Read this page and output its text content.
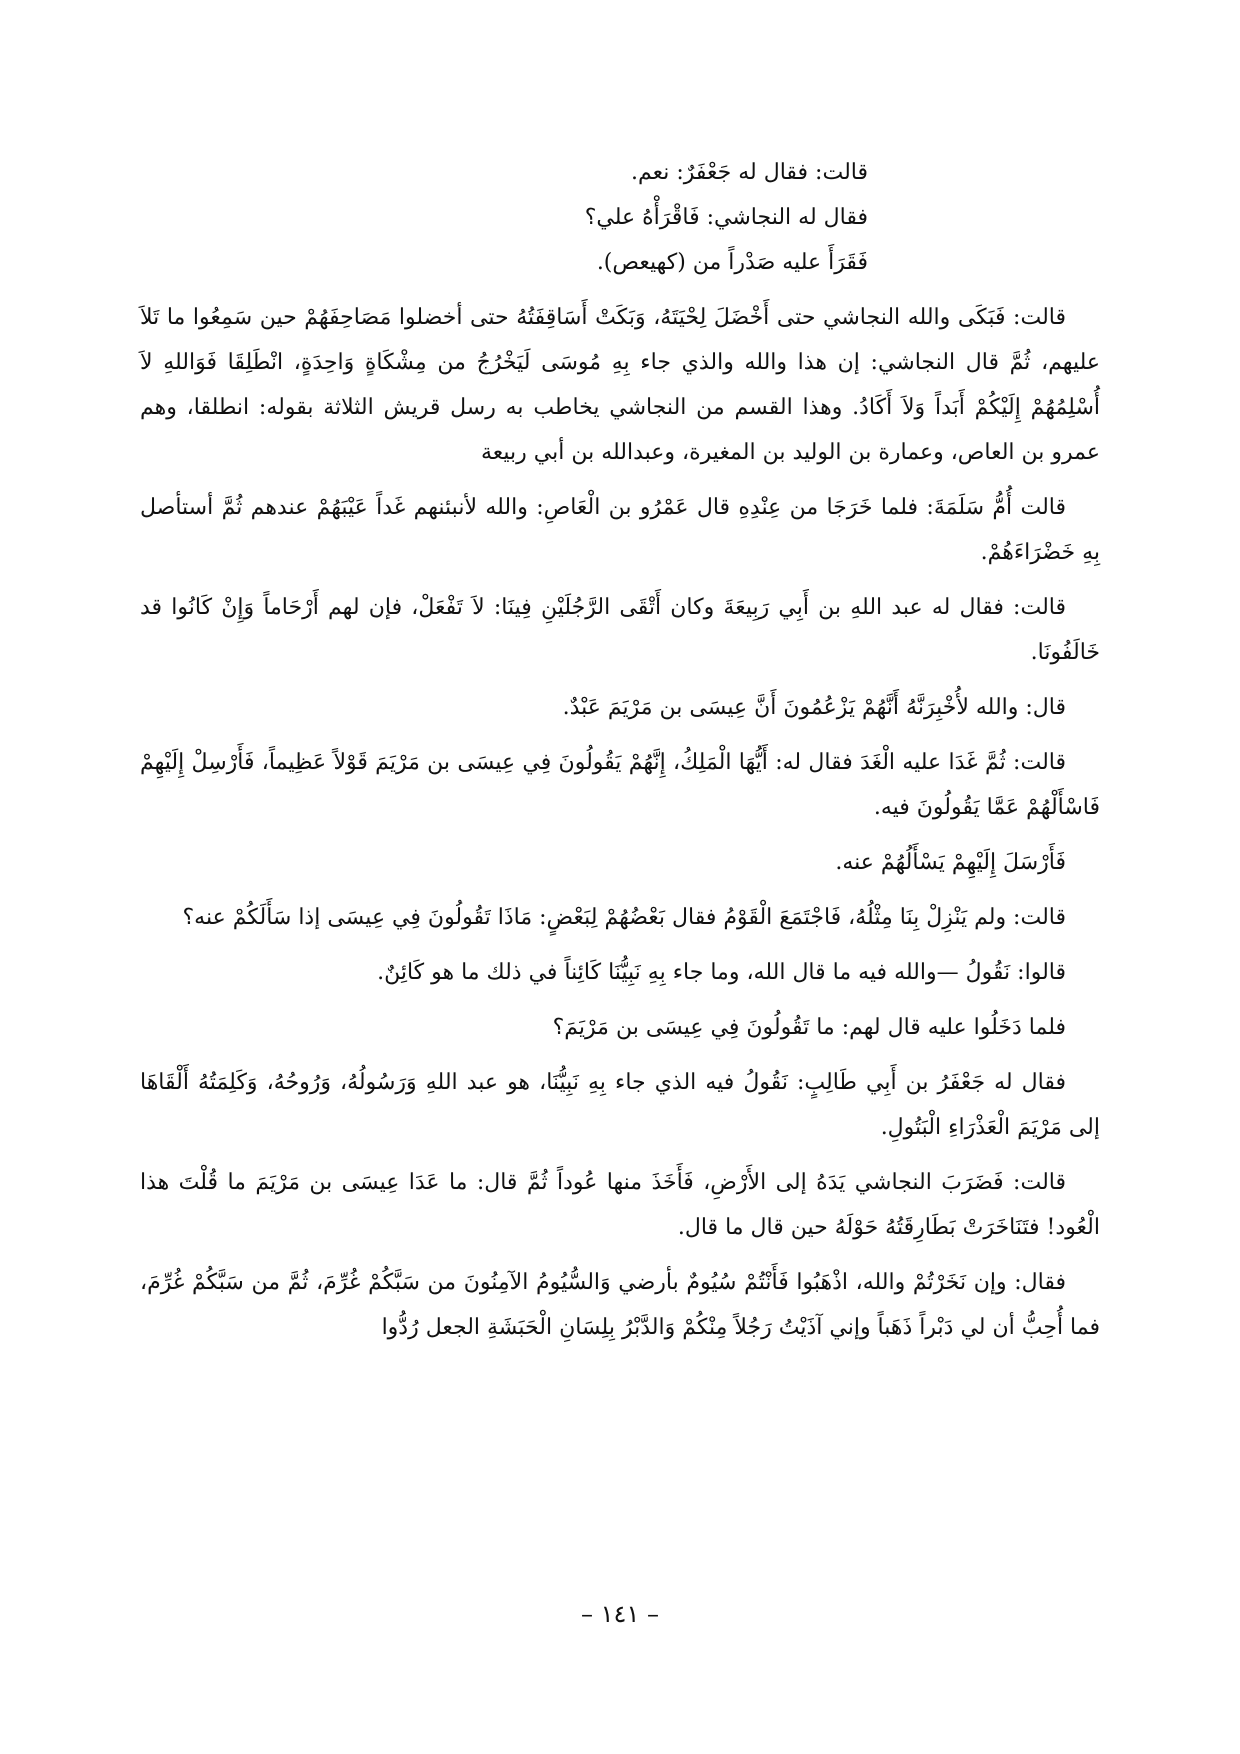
قالت: فقال له جَعْفَرٌ: نعم.

فقال له النجاشي: فَاقْرَأْهُ علي؟

فَقَرَأَ عليه صَدْراً من (كهيعص).

قالت: فَبَكَى والله النجاشي حتى أَخْضَلَ لِحْيَتَهُ، وَبَكَتْ أَسَاقِفَتُهُ حتى أخضلوا مَصَاحِفَهُمْ حين سَمِعُوا ما تَلاَ عليهم، ثُمَّ قال النجاشي: إن هذا والله والذي جاء بِهِ مُوسَى لَيَخْرُجُ من مِشْكَاةٍ وَاحِدَةٍ، انْطَلِقَا فَوَاللهِ لاَ أُسْلِمُهُمْ إِلَيْكُمْ أَبَداً وَلاَ أَكَادُ. وهذا القسم من النجاشي يخاطب به رسل قريش الثلاثة بقوله: انطلقا، وهم عمرو بن العاص، وعمارة بن الوليد بن المغيرة، وعبدالله بن أبي ربيعة

قالت أُمُّ سَلَمَةَ: فلما خَرَجَا من عِنْدِهِ قال عَمْرُو بن الْعَاصِ: والله لأنبئنهم غَداً عَيْبَهُمْ عندهم ثُمَّ أستأصل بِهِ خَضْرَاءَهُمْ.

قالت: فقال له عبد اللهِ بن أَبِي رَبِيعَةَ وكان أَتْقَى الرَّجُلَيْنِ فِينَا: لاَ تَفْعَلْ، فإن لهم أَرْحَاماً وَإِنْ كَانُوا قد خَالَفُونَا.

قال: والله لأُخْبِرَنَّهُ أَنَّهُمْ يَزْعُمُونَ أَنَّ عِيسَى بن مَرْيَمَ عَبْدٌ.

قالت: ثُمَّ غَدَا عليه الْغَدَ فقال له: أَيُّهَا الْمَلِكُ، إِنَّهُمْ يَقُولُونَ فِي عِيسَى بن مَرْيَمَ قَوْلاً عَظِيماً، فَأَرْسِلْ إِلَيْهِمْ فَاسْأَلْهُمْ عَمَّا يَقُولُونَ فيه.

فَأَرْسَلَ إِلَيْهِمْ يَسْأَلُهُمْ عنه.

قالت: ولم يَنْزِلْ بِنَا مِثْلُهُ، فَاجْتَمَعَ الْقَوْمُ فقال بَعْضُهُمْ لِبَعْضٍ: مَاذَا تَقُولُونَ فِي عِيسَى إذا سَأَلَكُمْ عنه؟

قالوا: نَقُولُ —والله فيه ما قال الله، وما جاء بِهِ نَبِيُّنَا كَائِناً في ذلك ما هو كَائِنٌ.

فلما دَخَلُوا عليه قال لهم: ما تَقُولُونَ فِي عِيسَى بن مَرْيَمَ؟

فقال له جَعْفَرُ بن أَبِي طَالِبٍ: نَقُولُ فيه الذي جاء بِهِ نَبِيُّنَا، هو عبد اللهِ وَرَسُولُهُ، وَرُوحُهُ، وَكَلِمَتُهُ أَلْقَاهَا إلى مَرْيَمَ الْعَذْرَاءِ الْبَتُولِ.

قالت: فَضَرَبَ النجاشي يَدَهُ إلى الأَرْضِ، فَأَخَذَ منها عُوداً ثُمَّ قال: ما عَدَا عِيسَى بن مَرْيَمَ ما قُلْتَ هذا الْعُود! فتَنَاخَرَتْ بَطَارِقَتُهُ حَوْلَهُ حين قال ما قال.

فقال: وإن نَخَرْتُمْ والله، اذْهَبُوا فَأَنْتُمْ سُيُومٌ بأرضي وَالسُّيُومُ الآمِنُونَ من سَبَّكُمْ غُرِّمَ، ثُمَّ من سَبَّكُمْ غُرِّمَ، فما أُحِبُّ أن لي دَبْراً ذَهَباً وإني آذَيْتُ رَجُلاً مِنْكُمْ وَالدَّبْرُ بِلِسَانِ الْحَبَشَةِ الجعل رُدُّوا

– ١٤١ –
